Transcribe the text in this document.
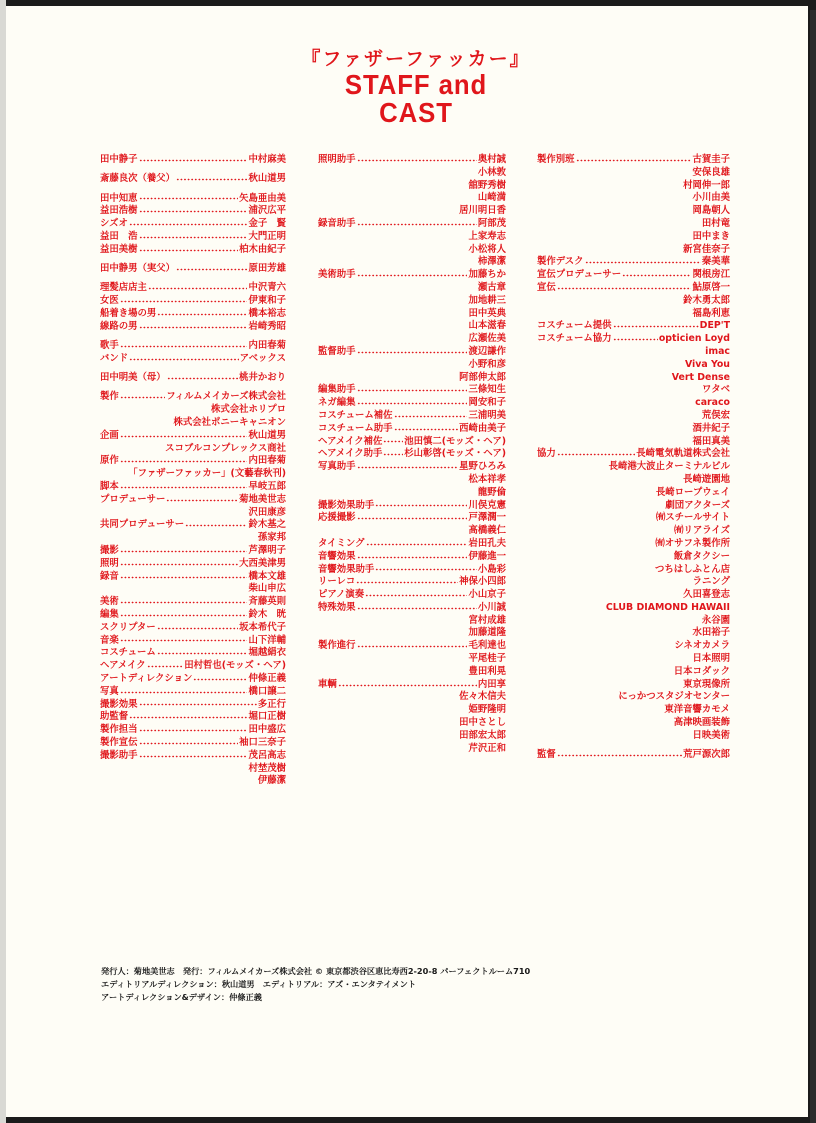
『ファザーファッカー』
STAFF and CAST
田中静子	中村麻美
斎藤良次（養父）	秋山道男
田中知恵	矢島亜由美
益田浩樹	浦沢広平
シズオ	金子　賢
益田　浩	大門正明
益田美樹	柏木由紀子
田中静男（実父）	原田芳雄
理髪店店主	中沢青六
女医	伊東和子
船着き場の男	橋本裕志
線路の男	岩崎秀昭
歌手	内田春菊
バンド	アベックス
田中明美（母）	桃井かおり
製作	フィルムメイカーズ株式会社
株式会社ホリプロ
株式会社ポニーキャニオン
企画	秋山道男
スコブルコンプレックス商社
原作	内田春菊
「ファザーファッカー」(文藝春秋刊)
脚本	早岐五郎
プロデューサー	菊地美世志
沢田康彦
共同プロデューサー	鈴木基之
孫家邦
撮影	芦澤明子
照明	大西美津男
録音	橋本文雄
柴山申広
美術	斉藤英則
編集	鈴木　晄
スクリプター	坂本希代子
音楽	山下洋輔
コスチューム	堀越絹衣
ヘアメイク	田村哲也(モッズ・ヘア)
アートディレクション	仲條正義
写真	橋口譲二
撮影効果	多正行
助監督	堀口正樹
製作担当	田中盛広
製作宣伝	袖口三奈子
撮影助手	茂呂高志
村埜茂樹
伊藤潔
照明助手	奥村誠
小林敦
舘野秀樹
山崎満
居川明日香
録音助手	阿部茂
上家寿志
小松将人
柿澤潔
美術助手	加藤ちか
瀬古章
加地耕三
田中英典
山本滋春
広瀬佐美
監督助手	渡辺謙作
小野和彦
阿部伸太郎
編集助手	三條知生
ネガ編集	岡安和子
コスチューム補佐	三浦明美
コスチューム助手	西崎由美子
ヘアメイク補佐 池田慎二(モッズ・ヘア)
ヘアメイク助手 杉山彰啓(モッズ・ヘア)
写真助手	星野ひろみ
松本祥孝
龍野倫
撮影効果助手	川俣克憲
応援撮影	戸澤潤一
高橋義仁
タイミング	岩田孔夫
音響効果	伊藤進一
音響効果助手	小島彩
リーレコ	神保小四郎
ピアノ演奏	小山京子
特殊効果	小川誠
宮村成雄
加藤道隆
製作進行	毛利達也
平尾桂子
豊田利晃
車輌	内田享
佐々木信夫
姫野隆明
田中さとし
田部宏太郎
芹沢正和
製作別班	古賀圭子
安保良雄
村岡伸一郎
小川由美
岡島朝人
田村竜
田中まき
新宮佳奈子
製作デスク	秦美華
宣伝プロデューサー	関根房江
宣伝	鮎原啓一
鈴木勇太郎
福島利恵
コスチューム提供	DEP'T
コスチューム協力	opticien Loyd
imac
Viva You
Vert Dense
ワタベ
caraco
荒俣宏
酒井紀子
福田真美
協力	長崎電気軌道株式会社
長崎港大波止ターミナルビル
長崎遊園地
長崎ロープウェイ
劇団アクターズ
㈲スチールサイト
㈲リアライズ
㈲オサフネ製作所
飯倉タクシー
つちはしふとん店
ラニング
久田喜登志
CLUB DIAMOND HAWAII
永谷園
水田裕子
シネオカメラ
日本照明
日本コダック
東京現像所
にっかつスタジオセンター
東洋音響カモメ
高津映画装飾
日映美術
監督	荒戸源次郎
発行人：菊地美世志　発行：フィルムメイカーズ株式会社 © 東京都渋谷区恵比寿西2-20-8 パーフェクトルーム710
エディトリアルディレクション：秋山道男　エディトリアル：アズ・エンタテイメント
アートディレクション&デザイン：仲條正義
